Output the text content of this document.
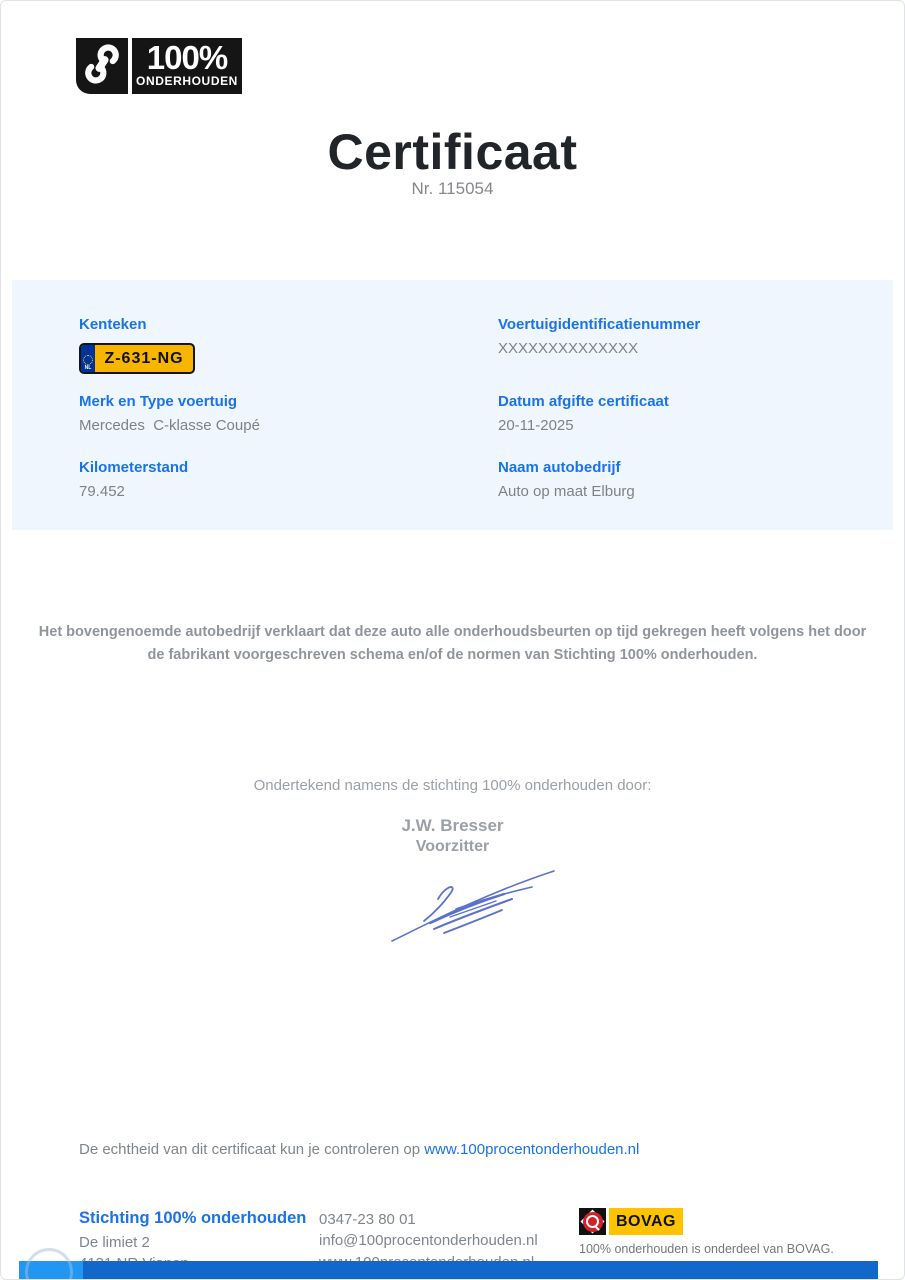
100%
ONDERHOUDEN
Certificaat
Nr. 115054
Kenteken
NL
Z-631-NG
Merk en Type voertuig
Mercedes  C-klasse Coupé
Kilometerstand
79.452
Voertuigidentificatienummer
XXXXXXXXXXXXXX
Datum afgifte certificaat
20-11-2025
Naam autobedrijf
Auto op maat Elburg
Het bovengenoemde autobedrijf verklaart dat deze auto alle onderhoudsbeurten op tijd gekregen heeft volgens het door de fabrikant voorgeschreven schema en/of de normen van Stichting 100% onderhouden.
Ondertekend namens de stichting 100% onderhouden door:
J.W. Bresser
Voorzitter
De echtheid van dit certificaat kun je controleren op www.100procentonderhouden.nl
Stichting 100% onderhouden
De limiet 2
0347-23 80 01
info@100procentonderhouden.nl
BOVAG
100% onderhouden is onderdeel van BOVAG.
